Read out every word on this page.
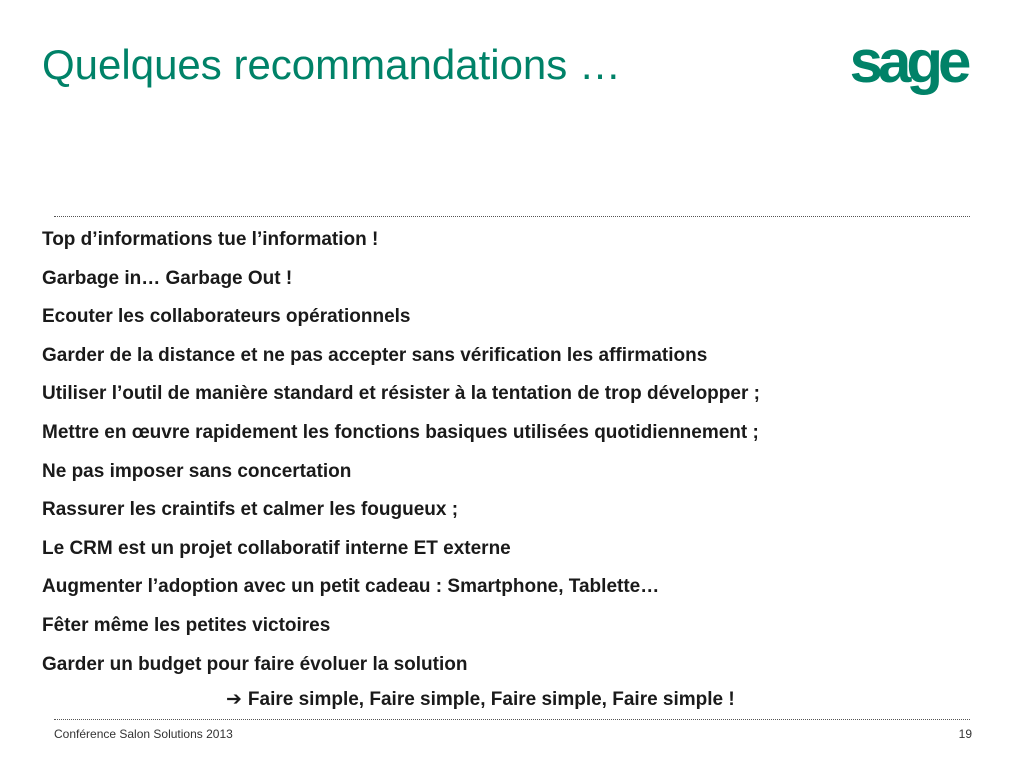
Quelques recommandations …	sage
Top d’informations tue l’information !
Garbage in… Garbage Out !
Ecouter les collaborateurs opérationnels
Garder de la distance et ne pas accepter sans vérification les affirmations
Utiliser l’outil de manière standard et résister à la tentation de trop développer ;
Mettre en œuvre rapidement les fonctions basiques utilisées quotidiennement ;
Ne pas imposer sans concertation
Rassurer les craintifs et calmer les fougueux ;
Le CRM est un projet collaboratif interne ET externe
Augmenter l’adoption avec un petit cadeau : Smartphone, Tablette…
Fêter même les petites victoires
Garder un budget pour faire évoluer la solution
➔ Faire simple, Faire simple, Faire simple, Faire simple !
Conférence Salon Solutions 2013	19
